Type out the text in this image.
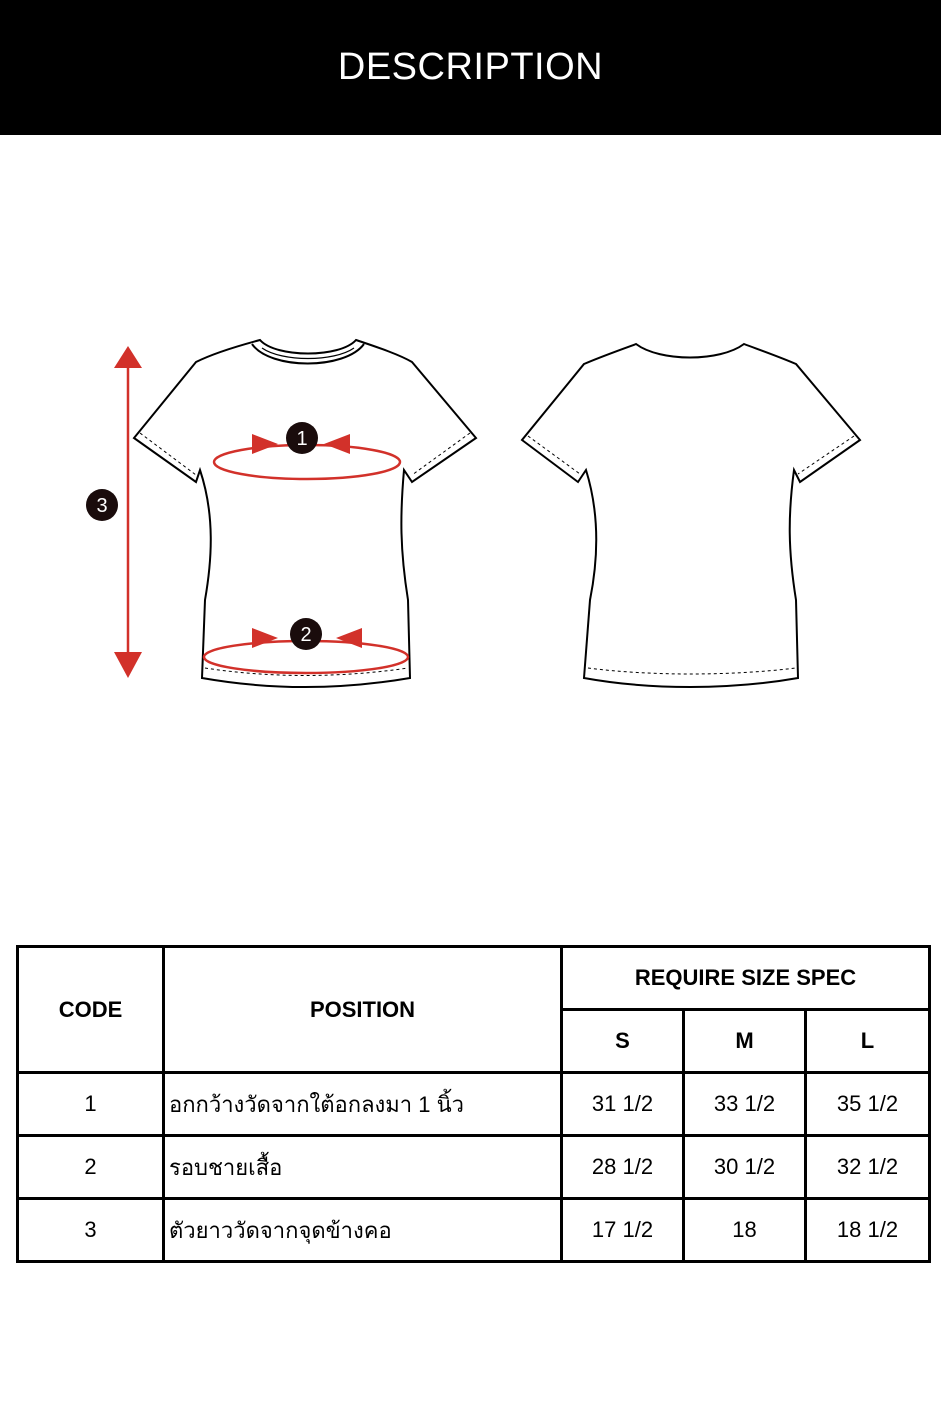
DESCRIPTION
1
2
3
CODE	POSITION	REQUIRE SIZE SPEC		
		S	M	L
1	อกกว้างวัดจากใต้อกลงมา 1 นิ้ว	31 1/2	33 1/2	35 1/2
2	รอบชายเสื้อ	28 1/2	30 1/2	32 1/2
3	ตัวยาววัดจากจุดข้างคอ	17 1/2	18	18 1/2
